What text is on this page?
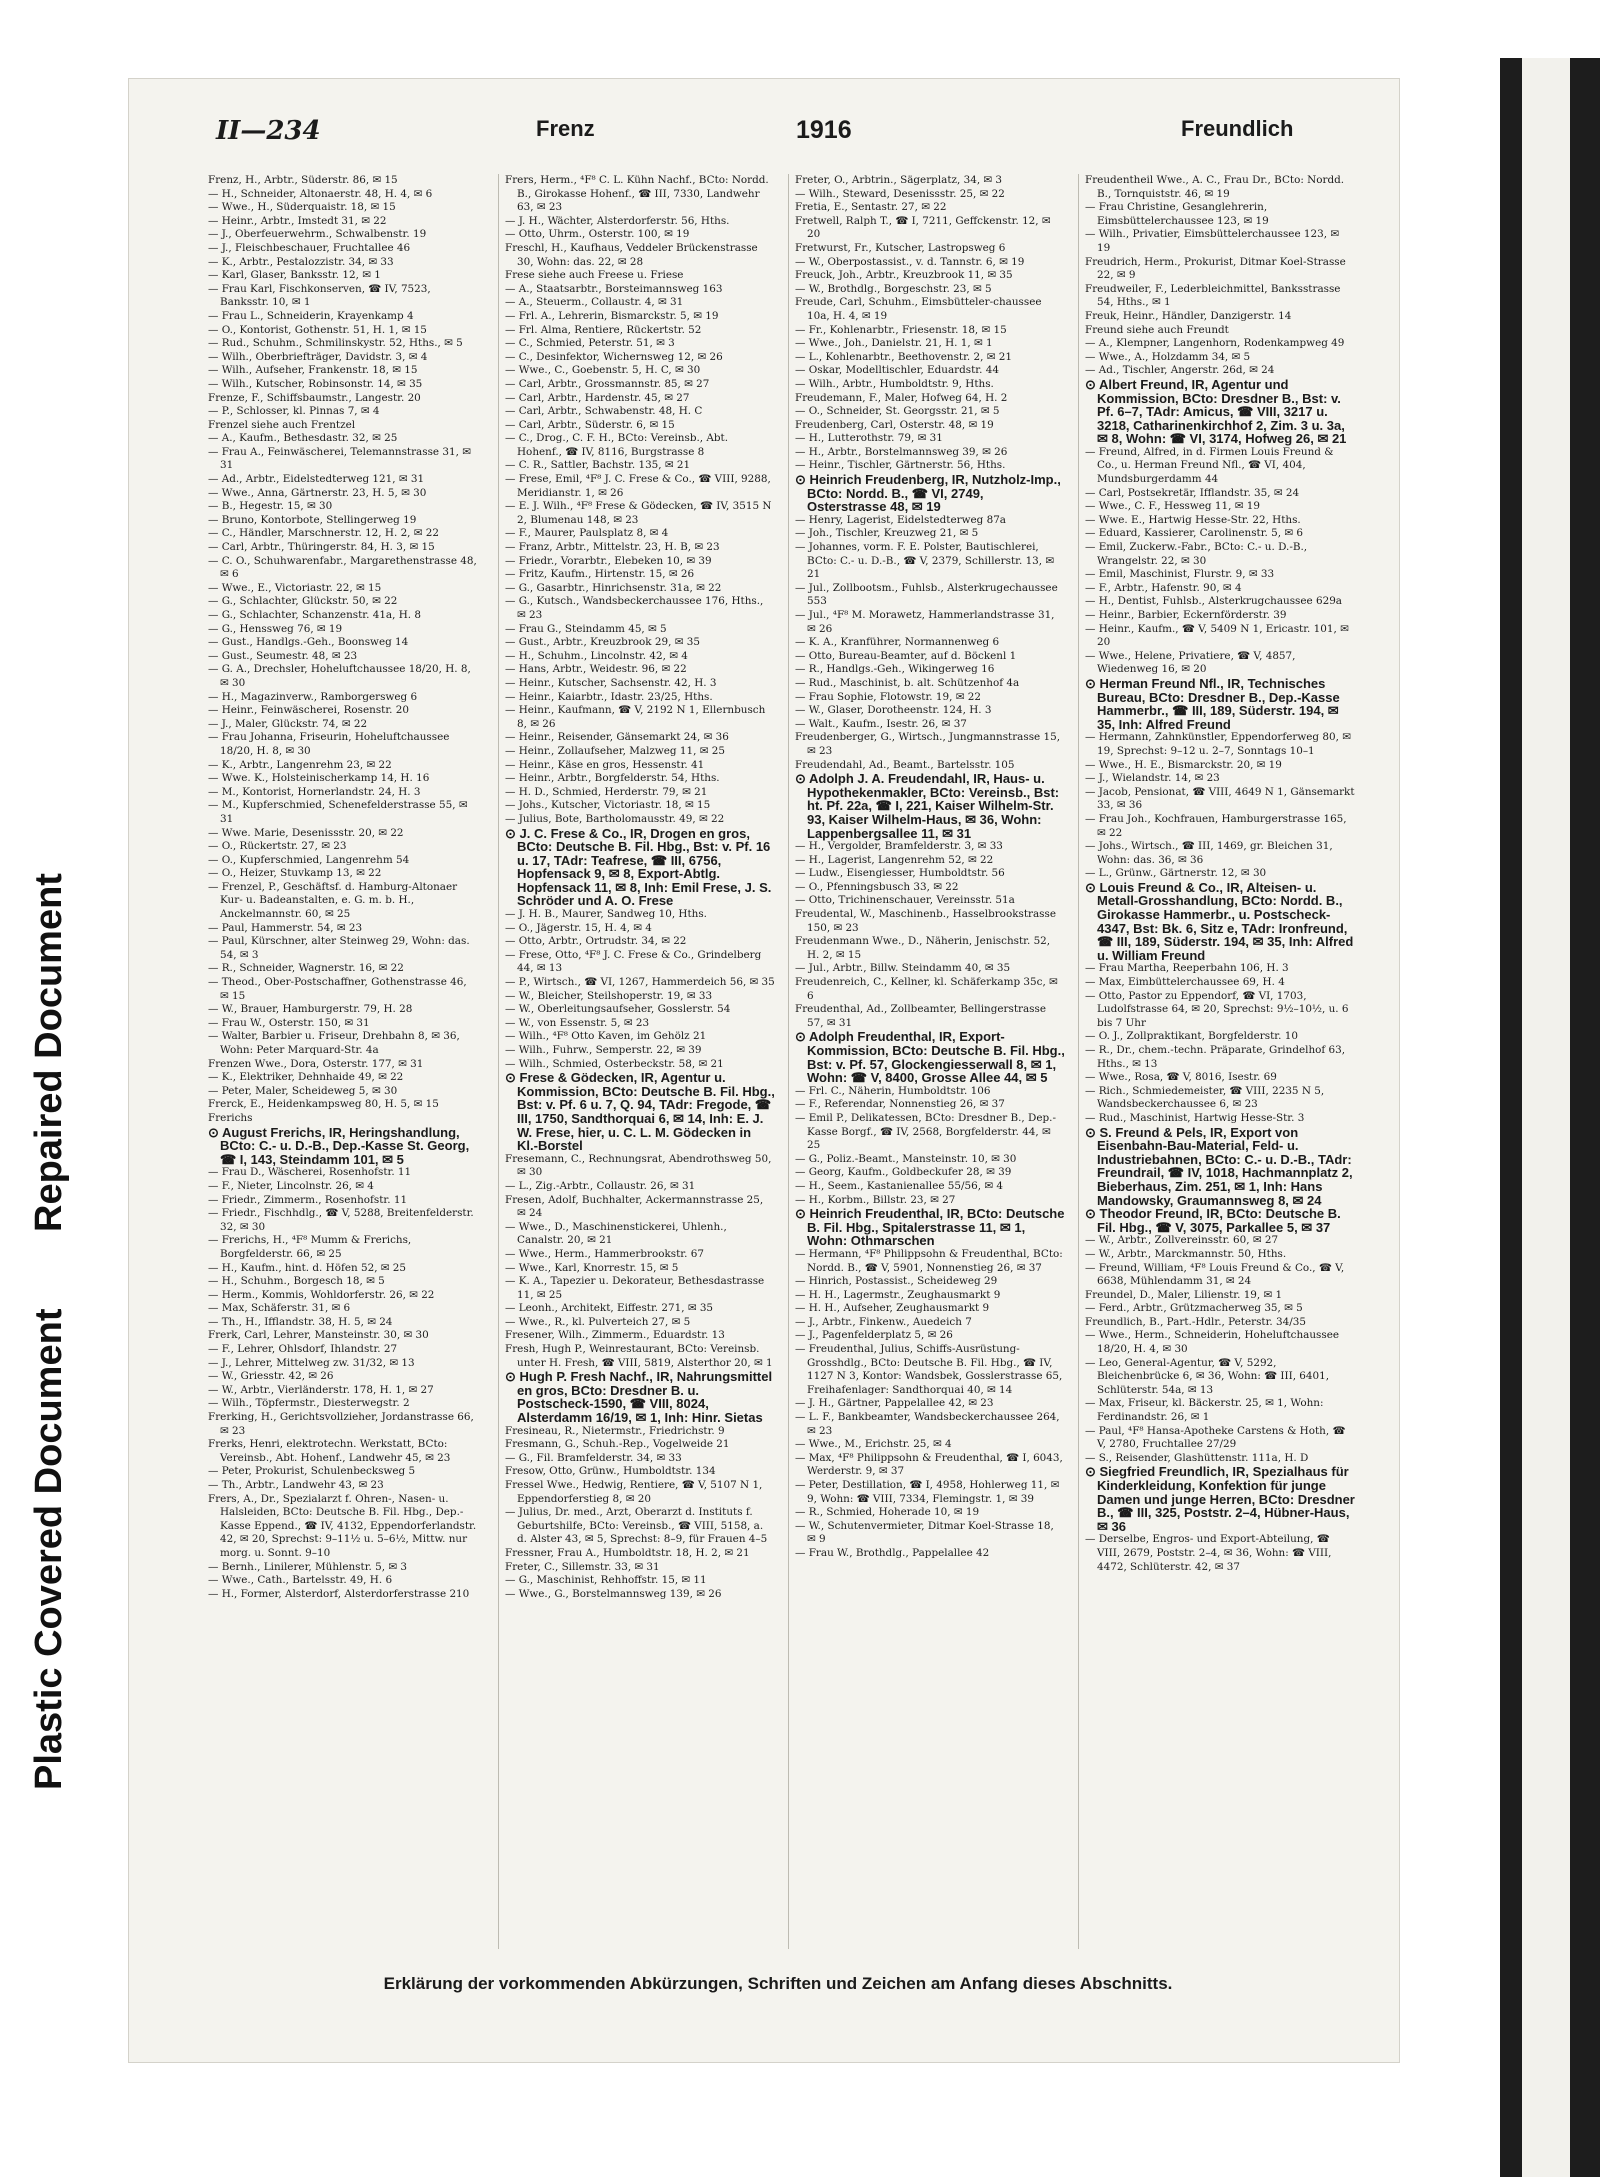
Repaired Document
Plastic Covered Document
II—234	Frenz	1916	Freundlich

Frenz, H., Arbtr., Süderstr. 86, ✉ 15

— H., Schneider, Altonaerstr. 48, H. 4, ✉ 6

— Wwe., H., Süderquaistr. 18, ✉ 15

— Heinr., Arbtr., Imstedt 31, ✉ 22

— J., Oberfeuerwehrm., Schwalbenstr. 19

— J., Fleischbeschauer, Fruchtallee 46

— K., Arbtr., Pestalozzistr. 34, ✉ 33

— Karl, Glaser, Banksstr. 12, ✉ 1

— Frau Karl, Fischkonserven, ☎ IV, 7523, Banksstr. 10, ✉ 1

— Frau L., Schneiderin, Krayenkamp 4

— O., Kontorist, Gothenstr. 51, H. 1, ✉ 15

— Rud., Schuhm., Schmilinskystr. 52, Hths., ✉ 5

— Wilh., Oberbriefträger, Davidstr. 3, ✉ 4

— Wilh., Aufseher, Frankenstr. 18, ✉ 15

— Wilh., Kutscher, Robinsonstr. 14, ✉ 35

Frenze, F., Schiffsbaumstr., Langestr. 20

— P., Schlosser, kl. Pinnas 7, ✉ 4

Frenzel siehe auch Frentzel

— A., Kaufm., Bethesdastr. 32, ✉ 25

— Frau A., Feinwäscherei, Telemannstrasse 31, ✉ 31

— Ad., Arbtr., Eidelstedterweg 121, ✉ 31

— Wwe., Anna, Gärtnerstr. 23, H. 5, ✉ 30

— B., Hegestr. 15, ✉ 30

— Bruno, Kontorbote, Stellingerweg 19

— C., Händler, Marschnerstr. 12, H. 2, ✉ 22

— Carl, Arbtr., Thüringerstr. 84, H. 3, ✉ 15

— C. O., Schuhwarenfabr., Margarethenstrasse 48, ✉ 6

— Wwe., E., Victoriastr. 22, ✉ 15

— G., Schlachter, Glückstr. 50, ✉ 22

— G., Schlachter, Schanzenstr. 41a, H. 8

— G., Henssweg 76, ✉ 19

— Gust., Handlgs.-Geh., Boonsweg 14

— Gust., Seumestr. 48, ✉ 23

— G. A., Drechsler, Hoheluftchaussee 18/20, H. 8, ✉ 30

— H., Magazinverw., Ramborgersweg 6

— Heinr., Feinwäscherei, Rosenstr. 20

— J., Maler, Glückstr. 74, ✉ 22

— Frau Johanna, Friseurin, Hoheluftchaussee 18/20, H. 8, ✉ 30

— K., Arbtr., Langenrehm 23, ✉ 22

— Wwe. K., Holsteinischerkamp 14, H. 16

— M., Kontorist, Hornerlandstr. 24, H. 3

— M., Kupferschmied, Schenefelderstrasse 55, ✉ 31

— Wwe. Marie, Desenissstr. 20, ✉ 22

— O., Rückertstr. 27, ✉ 23

— O., Kupferschmied, Langenrehm 54

— O., Heizer, Stuvkamp 13, ✉ 22

— Frenzel, P., Geschäftsf. d. Hamburg-Altonaer Kur- u. Badeanstalten, e. G. m. b. H., Anckelmannstr. 60, ✉ 25

— Paul, Hammerstr. 54, ✉ 23

— Paul, Kürschner, alter Steinweg 29, Wohn: das. 54, ✉ 3

— R., Schneider, Wagnerstr. 16, ✉ 22

— Theod., Ober-Postschaffner, Gothenstrasse 46, ✉ 15

— W., Brauer, Hamburgerstr. 79, H. 28

— Frau W., Osterstr. 150, ✉ 31

— Walter, Barbier u. Friseur, Drehbahn 8, ✉ 36, Wohn: Peter Marquard-Str. 4a

Frenzen Wwe., Dora, Osterstr. 177, ✉ 31

— K., Elektriker, Dehnhaide 49, ✉ 22

— Peter, Maler, Scheideweg 5, ✉ 30

Frerck, E., Heidenkampsweg 80, H. 5, ✉ 15

Frerichs

⊙ August Frerichs, IR, Heringshandlung, BCto: C.- u. D.-B., Dep.-Kasse St. Georg, ☎ I, 143, Steindamm 101, ✉ 5

— Frau D., Wäscherei, Rosenhofstr. 11

— F., Nieter, Lincolnstr. 26, ✉ 4

— Friedr., Zimmerm., Rosenhofstr. 11

— Friedr., Fischhdlg., ☎ V, 5288, Breitenfelderstr. 32, ✉ 30

— Frerichs, H., ⁴F⁸ Mumm & Frerichs, Borgfelderstr. 66, ✉ 25

— H., Kaufm., hint. d. Höfen 52, ✉ 25

— H., Schuhm., Borgesch 18, ✉ 5

— Herm., Kommis, Wohldorferstr. 26, ✉ 22

— Max, Schäferstr. 31, ✉ 6

— Th., H., Ifflandstr. 38, H. 5, ✉ 24

Frerk, Carl, Lehrer, Mansteinstr. 30, ✉ 30

— F., Lehrer, Ohlsdorf, Ihlandstr. 27

— J., Lehrer, Mittelweg zw. 31/32, ✉ 13

— W., Griesstr. 42, ✉ 26

— W., Arbtr., Vierländerstr. 178, H. 1, ✉ 27

— Wilh., Töpfermstr., Diesterwegstr. 2

Frerking, H., Gerichtsvollzieher, Jordanstrasse 66, ✉ 23

Frerks, Henri, elektrotechn. Werkstatt, BCto: Vereinsb., Abt. Hohenf., Landwehr 45, ✉ 23

— Peter, Prokurist, Schulenbecksweg 5

— Th., Arbtr., Landwehr 43, ✉ 23

Frers, A., Dr., Spezialarzt f. Ohren-, Nasen- u. Halsleiden, BCto: Deutsche B. Fil. Hbg., Dep.-Kasse Eppend., ☎ IV, 4132, Eppendorferlandstr. 42, ✉ 20, Sprechst: 9–11½ u. 5–6½, Mittw. nur morg. u. Sonnt. 9–10

— Bernh., Linilerer, Mühlenstr. 5, ✉ 3

— Wwe., Cath., Bartelsstr. 49, H. 6

— H., Former, Alsterdorf, Alsterdorferstrasse 210

Frers, Herm., ⁴F⁸ C. L. Kühn Nachf., BCto: Nordd. B., Girokasse Hohenf., ☎ III, 7330, Landwehr 63, ✉ 23

— J. H., Wächter, Alsterdorferstr. 56, Hths.

— Otto, Uhrm., Osterstr. 100, ✉ 19

Freschl, H., Kaufhaus, Veddeler Brückenstrasse 30, Wohn: das. 22, ✉ 28

Frese siehe auch Freese u. Friese

— A., Staatsarbtr., Borsteimannsweg 163

— A., Steuerm., Collaustr. 4, ✉ 31

— Frl. A., Lehrerin, Bismarckstr. 5, ✉ 19

— Frl. Alma, Rentiere, Rückertstr. 52

— C., Schmied, Peterstr. 51, ✉ 3

— C., Desinfektor, Wichernsweg 12, ✉ 26

— Wwe., C., Goebenstr. 5, H. C, ✉ 30

— Carl, Arbtr., Grossmannstr. 85, ✉ 27

— Carl, Arbtr., Hardenstr. 45, ✉ 27

— Carl, Arbtr., Schwabenstr. 48, H. C

— Carl, Arbtr., Süderstr. 6, ✉ 15

— C., Drog., C. F. H., BCto: Vereinsb., Abt. Hohenf., ☎ IV, 8116, Burgstrasse 8

— C. R., Sattler, Bachstr. 135, ✉ 21

— Frese, Emil, ⁴F⁸ J. C. Frese & Co., ☎ VIII, 9288, Meridianstr. 1, ✉ 26

— E. J. Wilh., ⁴F⁸ Frese & Gödecken, ☎ IV, 3515 N 2, Blumenau 148, ✉ 23

— F., Maurer, Paulsplatz 8, ✉ 4

— Franz, Arbtr., Mittelstr. 23, H. B, ✉ 23

— Friedr., Vorarbtr., Elebeken 10, ✉ 39

— Fritz, Kaufm., Hirtenstr. 15, ✉ 26

— G., Gasarbtr., Hinrichsenstr. 31a, ✉ 22

— G., Kutsch., Wandsbeckerchaussee 176, Hths., ✉ 23

— Frau G., Steindamm 45, ✉ 5

— Gust., Arbtr., Kreuzbrook 29, ✉ 35

— H., Schuhm., Lincolnstr. 42, ✉ 4

— Hans, Arbtr., Weidestr. 96, ✉ 22

— Heinr., Kutscher, Sachsenstr. 42, H. 3

— Heinr., Kaiarbtr., Idastr. 23/25, Hths.

— Heinr., Kaufmann, ☎ V, 2192 N 1, Ellernbusch 8, ✉ 26

— Heinr., Reisender, Gänsemarkt 24, ✉ 36

— Heinr., Zollaufseher, Malzweg 11, ✉ 25

— Heinr., Käse en gros, Hessenstr. 41

— Heinr., Arbtr., Borgfelderstr. 54, Hths.

— H. D., Schmied, Herderstr. 79, ✉ 21

— Johs., Kutscher, Victoriastr. 18, ✉ 15

— Julius, Bote, Bartholomausstr. 49, ✉ 22

⊙ J. C. Frese & Co., IR, Drogen en gros, BCto: Deutsche B. Fil. Hbg., Bst: v. Pf. 16 u. 17, TAdr: Teafrese, ☎ III, 6756, Hopfensack 9, ✉ 8, Export-Abtlg. Hopfensack 11, ✉ 8, Inh: Emil Frese, J. S. Schröder und A. O. Frese

— J. H. B., Maurer, Sandweg 10, Hths.

— O., Jägerstr. 15, H. 4, ✉ 4

— Otto, Arbtr., Ortrudstr. 34, ✉ 22

— Frese, Otto, ⁴F⁸ J. C. Frese & Co., Grindelberg 44, ✉ 13

— P., Wirtsch., ☎ VI, 1267, Hammerdeich 56, ✉ 35

— W., Bleicher, Steilshoperstr. 19, ✉ 33

— W., Oberleitungsaufseher, Gosslerstr. 54

— W., von Essenstr. 5, ✉ 23

— Wilh., ⁴F⁸ Otto Kaven, im Gehölz 21

— Wilh., Fuhrw., Semperstr. 22, ✉ 39

— Wilh., Schmied, Osterbeckstr. 58, ✉ 21

⊙ Frese & Gödecken, IR, Agentur u. Kommission, BCto: Deutsche B. Fil. Hbg., Bst: v. Pf. 6 u. 7, Q. 94, TAdr: Fregode, ☎ III, 1750, Sandthorquai 6, ✉ 14, Inh: E. J. W. Frese, hier, u. C. L. M. Gödecken in Kl.-Borstel

Fresemann, C., Rechnungsrat, Abendrothsweg 50, ✉ 30

— L., Zig.-Arbtr., Collaustr. 26, ✉ 31

Fresen, Adolf, Buchhalter, Ackermannstrasse 25, ✉ 24

— Wwe., D., Maschinenstickerei, Uhlenh., Canalstr. 20, ✉ 21

— Wwe., Herm., Hammerbrookstr. 67

— Wwe., Karl, Knorrestr. 15, ✉ 5

— K. A., Tapezier u. Dekorateur, Bethesdastrasse 11, ✉ 25

— Leonh., Architekt, Eiffestr. 271, ✉ 35

— Wwe., R., kl. Pulverteich 27, ✉ 5

Fresener, Wilh., Zimmerm., Eduardstr. 13

Fresh, Hugh P., Weinrestaurant, BCto: Vereinsb. unter H. Fresh, ☎ VIII, 5819, Alsterthor 20, ✉ 1

⊙ Hugh P. Fresh Nachf., IR, Nahrungsmittel en gros, BCto: Dresdner B. u. Postscheck-1590, ☎ VIII, 8024, Alsterdamm 16/19, ✉ 1, Inh: Hinr. Sietas

Fresineau, R., Nietermstr., Friedrichstr. 9

Fresmann, G., Schuh.-Rep., Vogelweide 21

— G., Fil. Bramfelderstr. 34, ✉ 33

Fresow, Otto, Grünw., Humboldtstr. 134

Fressel Wwe., Hedwig, Rentiere, ☎ V, 5107 N 1, Eppendorferstieg 8, ✉ 20

— Julius, Dr. med., Arzt, Oberarzt d. Instituts f. Geburtshilfe, BCto: Vereinsb., ☎ VIII, 5158, a. d. Alster 43, ✉ 5, Sprechst: 8–9, für Frauen 4–5

Fressner, Frau A., Humboldtstr. 18, H. 2, ✉ 21

Freter, C., Sillemstr. 33, ✉ 31

— G., Maschinist, Rehhoffstr. 15, ✉ 11

— Wwe., G., Borstelmannsweg 139, ✉ 26

Freter, O., Arbtrin., Sägerplatz, 34, ✉ 3

— Wilh., Steward, Desenissstr. 25, ✉ 22

Fretia, E., Sentastr. 27, ✉ 22

Fretwell, Ralph T., ☎ I, 7211, Geffckenstr. 12, ✉ 20

Fretwurst, Fr., Kutscher, Lastropsweg 6

— W., Oberpostassist., v. d. Tannstr. 6, ✉ 19

Freuck, Joh., Arbtr., Kreuzbrook 11, ✉ 35

— W., Brothdlg., Borgeschstr. 23, ✉ 5

Freude, Carl, Schuhm., Eimsbütteler-chaussee 10a, H. 4, ✉ 19

— Fr., Kohlenarbtr., Friesenstr. 18, ✉ 15

— Wwe., Joh., Danielstr. 21, H. 1, ✉ 1

— L., Kohlenarbtr., Beethovenstr. 2, ✉ 21

— Oskar, Modelltischler, Eduardstr. 44

— Wilh., Arbtr., Humboldtstr. 9, Hths.

Freudemann, F., Maler, Hofweg 64, H. 2

— O., Schneider, St. Georgsstr. 21, ✉ 5

Freudenberg, Carl, Osterstr. 48, ✉ 19

— H., Lutterothstr. 79, ✉ 31

— H., Arbtr., Borstelmannsweg 39, ✉ 26

— Heinr., Tischler, Gärtnerstr. 56, Hths.

⊙ Heinrich Freudenberg, IR, Nutzholz-Imp., BCto: Nordd. B., ☎ VI, 2749, Osterstrasse 48, ✉ 19

— Henry, Lagerist, Eidelstedterweg 87a

— Joh., Tischler, Kreuzweg 21, ✉ 5

— Johannes, vorm. F. E. Polster, Bautischlerei, BCto: C.- u. D.-B., ☎ V, 2379, Schillerstr. 13, ✉ 21

— Jul., Zollbootsm., Fuhlsb., Alsterkrugechaussee 553

— Jul., ⁴F⁸ M. Morawetz, Hammerlandstrasse 31, ✉ 26

— K. A., Kranführer, Normannenweg 6

— Otto, Bureau-Beamter, auf d. Böckenl 1

— R., Handlgs.-Geh., Wikingerweg 16

— Rud., Maschinist, b. alt. Schützenhof 4a

— Frau Sophie, Flotowstr. 19, ✉ 22

— W., Glaser, Dorotheenstr. 124, H. 3

— Walt., Kaufm., Isestr. 26, ✉ 37

Freudenberger, G., Wirtsch., Jungmannstrasse 15, ✉ 23

Freudendahl, Ad., Beamt., Bartelsstr. 105

⊙ Adolph J. A. Freudendahl, IR, Haus- u. Hypothekenmakler, BCto: Vereinsb., Bst: ht. Pf. 22a, ☎ I, 221, Kaiser Wilhelm-Str. 93, Kaiser Wilhelm-Haus, ✉ 36, Wohn: Lappenbergsallee 11, ✉ 31

— H., Vergolder, Bramfelderstr. 3, ✉ 33

— H., Lagerist, Langenrehm 52, ✉ 22

— Ludw., Eisengiesser, Humboldtstr. 56

— O., Pfenningsbusch 33, ✉ 22

— Otto, Trichinenschauer, Vereinsstr. 51a

Freudental, W., Maschinenb., Hasselbrookstrasse 150, ✉ 23

Freudenmann Wwe., D., Näherin, Jenischstr. 52, H. 2, ✉ 15

— Jul., Arbtr., Billw. Steindamm 40, ✉ 35

Freudenreich, C., Kellner, kl. Schäferkamp 35c, ✉ 6

Freudenthal, Ad., Zollbeamter, Bellingerstrasse 57, ✉ 31

⊙ Adolph Freudenthal, IR, Export-Kommission, BCto: Deutsche B. Fil. Hbg., Bst: v. Pf. 57, Glockengiesserwall 8, ✉ 1, Wohn: ☎ V, 8400, Grosse Allee 44, ✉ 5

— Frl. C., Näherin, Humboldtstr. 106

— F., Referendar, Nonnenstieg 26, ✉ 37

— Emil P., Delikatessen, BCto: Dresdner B., Dep.-Kasse Borgf., ☎ IV, 2568, Borgfelderstr. 44, ✉ 25

— G., Poliz.-Beamt., Mansteinstr. 10, ✉ 30

— Georg, Kaufm., Goldbeckufer 28, ✉ 39

— H., Seem., Kastanienallee 55/56, ✉ 4

— H., Korbm., Billstr. 23, ✉ 27

⊙ Heinrich Freudenthal, IR, BCto: Deutsche B. Fil. Hbg., Spitalerstrasse 11, ✉ 1, Wohn: Othmarschen

— Hermann, ⁴F⁸ Philippsohn & Freudenthal, BCto: Nordd. B., ☎ V, 5901, Nonnenstieg 26, ✉ 37

— Hinrich, Postassist., Scheideweg 29

— H. H., Lagermstr., Zeughausmarkt 9

— H. H., Aufseher, Zeughausmarkt 9

— J., Arbtr., Finkenw., Auedeich 7

— J., Pagenfelderplatz 5, ✉ 26

— Freudenthal, Julius, Schiffs-Ausrüstung-Grosshdlg., BCto: Deutsche B. Fil. Hbg., ☎ IV, 1127 N 3, Kontor: Wandsbek, Gosslerstrasse 65, Freihafenlager: Sandthorquai 40, ✉ 14

— J. H., Gärtner, Pappelallee 42, ✉ 23

— L. F., Bankbeamter, Wandsbeckerchaussee 264, ✉ 23

— Wwe., M., Erichstr. 25, ✉ 4

— Max, ⁴F⁸ Philippsohn & Freudenthal, ☎ I, 6043, Werderstr. 9, ✉ 37

— Peter, Destillation, ☎ I, 4958, Hohlerweg 11, ✉ 9, Wohn: ☎ VIII, 7334, Flemingstr. 1, ✉ 39

— R., Schmied, Hoherade 10, ✉ 19

— W., Schutenvermieter, Ditmar Koel-Strasse 18, ✉ 9

— Frau W., Brothdlg., Pappelallee 42

Freudentheil Wwe., A. C., Frau Dr., BCto: Nordd. B., Tornquiststr. 46, ✉ 19

— Frau Christine, Gesanglehrerin, Eimsbüttelerchaussee 123, ✉ 19

— Wilh., Privatier, Eimsbüttelerchaussee 123, ✉ 19

Freudrich, Herm., Prokurist, Ditmar Koel-Strasse 22, ✉ 9

Freudweiler, F., Lederbleichmittel, Banksstrasse 54, Hths., ✉ 1

Freuk, Heinr., Händler, Danzigerstr. 14

Freund siehe auch Freundt

— A., Klempner, Langenhorn, Rodenkampweg 49

— Wwe., A., Holzdamm 34, ✉ 5

— Ad., Tischler, Angerstr. 26d, ✉ 24

⊙ Albert Freund, IR, Agentur und Kommission, BCto: Dresdner B., Bst: v. Pf. 6–7, TAdr: Amicus, ☎ VIII, 3217 u. 3218, Catharinenkirchhof 2, Zim. 3 u. 3a, ✉ 8, Wohn: ☎ VI, 3174, Hofweg 26, ✉ 21

— Freund, Alfred, in d. Firmen Louis Freund & Co., u. Herman Freund Nfl., ☎ VI, 404, Mundsburgerdamm 44

— Carl, Postsekretär, Ifflandstr. 35, ✉ 24

— Wwe., C. F., Hessweg 11, ✉ 19

— Wwe. E., Hartwig Hesse-Str. 22, Hths.

— Eduard, Kassierer, Carolinenstr. 5, ✉ 6

— Emil, Zuckerw.-Fabr., BCto: C.- u. D.-B., Wrangelstr. 22, ✉ 30

— Emil, Maschinist, Flurstr. 9, ✉ 33

— F., Arbtr., Hafenstr. 90, ✉ 4

— H., Dentist, Fuhlsb., Alsterkrugchaussee 629a

— Heinr., Barbier, Eckernförderstr. 39

— Heinr., Kaufm., ☎ V, 5409 N 1, Ericastr. 101, ✉ 20

— Wwe., Helene, Privatiere, ☎ V, 4857, Wiedenweg 16, ✉ 20

⊙ Herman Freund Nfl., IR, Technisches Bureau, BCto: Dresdner B., Dep.-Kasse Hammerbr., ☎ III, 189, Süderstr. 194, ✉ 35, Inh: Alfred Freund

— Hermann, Zahnkünstler, Eppendorferweg 80, ✉ 19, Sprechst: 9–12 u. 2–7, Sonntags 10–1

— Wwe., H. E., Bismarckstr. 20, ✉ 19

— J., Wielandstr. 14, ✉ 23

— Jacob, Pensionat, ☎ VIII, 4649 N 1, Gänsemarkt 33, ✉ 36

— Frau Joh., Kochfrauen, Hamburgerstrasse 165, ✉ 22

— Johs., Wirtsch., ☎ III, 1469, gr. Bleichen 31, Wohn: das. 36, ✉ 36

— L., Grünw., Gärtnerstr. 12, ✉ 30

⊙ Louis Freund & Co., IR, Alteisen- u. Metall-Grosshandlung, BCto: Nordd. B., Girokasse Hammerbr., u. Postscheck-4347, Bst: Bk. 6, Sitz e, TAdr: Ironfreund, ☎ III, 189, Süderstr. 194, ✉ 35, Inh: Alfred u. William Freund

— Frau Martha, Reeperbahn 106, H. 3

— Max, Eimbüttelerchaussee 69, H. 4

— Otto, Pastor zu Eppendorf, ☎ VI, 1703, Ludolfstrasse 64, ✉ 20, Sprechst: 9½–10½, u. 6 bis 7 Uhr

— O. J., Zollpraktikant, Borgfelderstr. 10

— R., Dr., chem.-techn. Präparate, Grindelhof 63, Hths., ✉ 13

— Wwe., Rosa, ☎ V, 8016, Isestr. 69

— Rich., Schmiedemeister, ☎ VIII, 2235 N 5, Wandsbeckerchaussee 6, ✉ 23

— Rud., Maschinist, Hartwig Hesse-Str. 3

⊙ S. Freund & Pels, IR, Export von Eisenbahn-Bau-Material, Feld- u. Industriebahnen, BCto: C.- u. D.-B., TAdr: Freundrail, ☎ IV, 1018, Hachmannplatz 2, Bieberhaus, Zim. 251, ✉ 1, Inh: Hans Mandowsky, Graumannsweg 8, ✉ 24

⊙ Theodor Freund, IR, BCto: Deutsche B. Fil. Hbg., ☎ V, 3075, Parkallee 5, ✉ 37

— W., Arbtr., Zollvereinsstr. 60, ✉ 27

— W., Arbtr., Marckmannstr. 50, Hths.

— Freund, William, ⁴F⁸ Louis Freund & Co., ☎ V, 6638, Mühlendamm 31, ✉ 24

Freundel, D., Maler, Lilienstr. 19, ✉ 1

— Ferd., Arbtr., Grützmacherweg 35, ✉ 5

Freundlich, B., Part.-Hdlr., Peterstr. 34/35

— Wwe., Herm., Schneiderin, Hoheluftchaussee 18/20, H. 4, ✉ 30

— Leo, General-Agentur, ☎ V, 5292, Bleichenbrücke 6, ✉ 36, Wohn: ☎ III, 6401, Schlüterstr. 54a, ✉ 13

— Max, Friseur, kl. Bäckerstr. 25, ✉ 1, Wohn: Ferdinandstr. 26, ✉ 1

— Paul, ⁴F⁸ Hansa-Apotheke Carstens & Hoth, ☎ V, 2780, Fruchtallee 27/29

— S., Reisender, Glashüttenstr. 111a, H. D

⊙ Siegfried Freundlich, IR, Spezialhaus für Kinderkleidung, Konfektion für junge Damen und junge Herren, BCto: Dresdner B., ☎ III, 325, Poststr. 2–4, Hübner-Haus, ✉ 36

— Derselbe, Engros- und Export-Abteilung, ☎ VIII, 2679, Poststr. 2–4, ✉ 36, Wohn: ☎ VIII, 4472, Schlüterstr. 42, ✉ 37

Erklärung der vorkommenden Abkürzungen, Schriften und Zeichen am Anfang dieses Abschnitts.
